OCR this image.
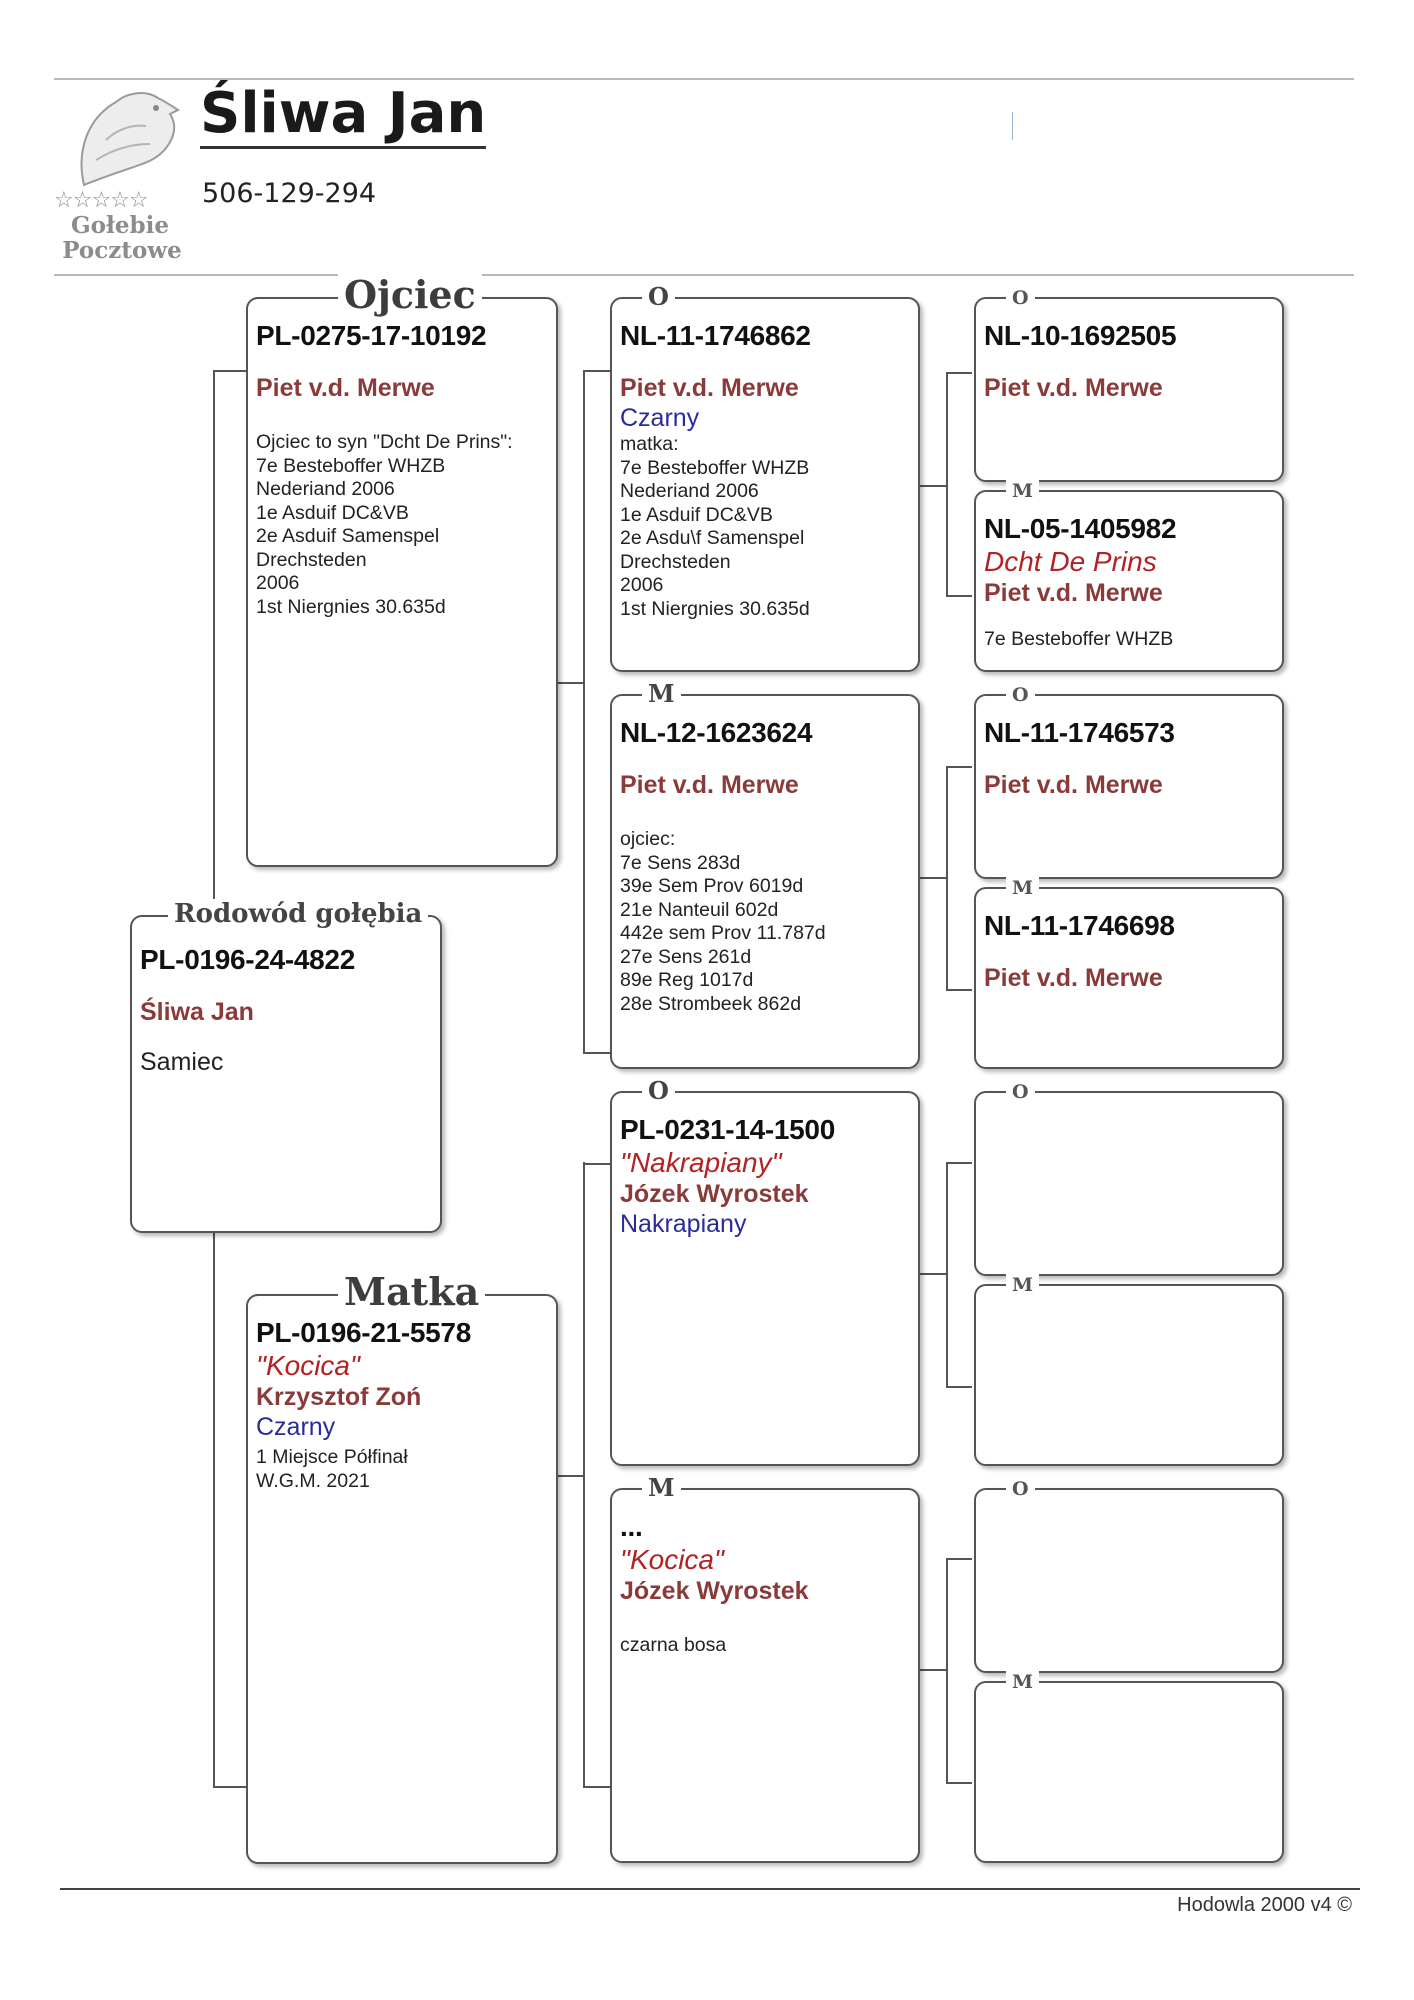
☆☆☆☆☆
Gołebie
Pocztowe
Śliwa Jan
506-129-294
Rodowód gołębia
PL-0196-24-4822
Śliwa Jan
Samiec
Ojciec
PL-0275-17-10192
Piet v.d. Merwe
Ojciec to syn "Dcht De Prins":
7e Besteboffer WHZB
Nederiand 2006
1e Asduif DC&VB
2e Asduif Samenspel
Drechsteden
2006
1st Niergnies 30.635d
Matka
PL-0196-21-5578
"Kocica"
Krzysztof Zoń
Czarny
1 Miejsce Półfinał
W.G.M. 2021
O
NL-11-1746862
Piet v.d. Merwe
Czarny
matka:
7e Besteboffer WHZB
Nederiand 2006
1e Asduif DC&VB
2e Asdu\f Samenspel
Drechsteden
2006
1st Niergnies 30.635d
M
NL-12-1623624
Piet v.d. Merwe
ojciec:
7e Sens 283d
39e Sem Prov 6019d
21e Nanteuil 602d
442e sem Prov 11.787d
27e Sens 261d
89e Reg 1017d
28e Strombeek 862d
O
PL-0231-14-1500
"Nakrapiany"
Józek Wyrostek
Nakrapiany
M
...
"Kocica"
Józek Wyrostek
czarna bosa
O
NL-10-1692505
Piet v.d. Merwe
M
NL-05-1405982
Dcht De Prins
Piet v.d. Merwe
7e Besteboffer WHZB
O
NL-11-1746573
Piet v.d. Merwe
M
NL-11-1746698
Piet v.d. Merwe
O
M
O
M
Hodowla 2000 v4 ©
